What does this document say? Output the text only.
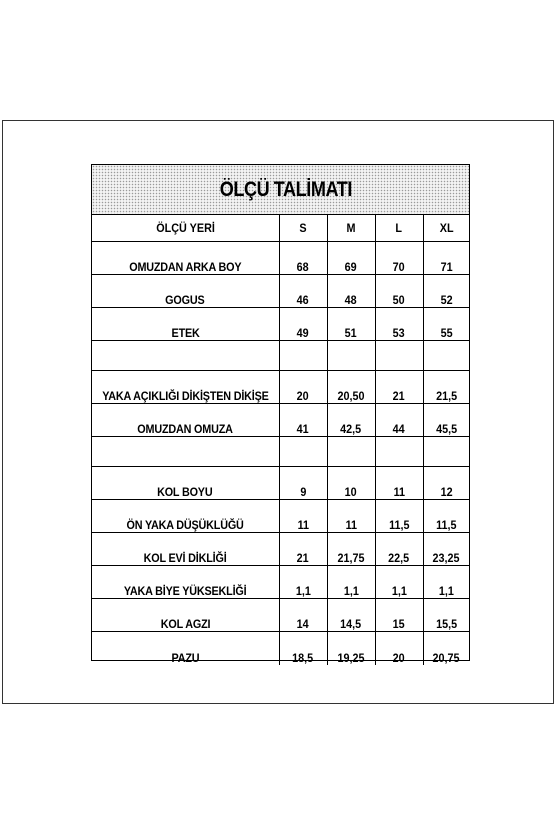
ÖLÇÜ TALİMATI
ÖLÇÜ YERİ	S	M	L	XL
OMUZDAN ARKA BOY	68	69	70	71
GOGUS	46	48	50	52
ETEK	49	51	53	55

YAKA AÇIKLIĞI DİKİŞTEN DİKİŞE	20	20,50	21	21,5
OMUZDAN OMUZA	41	42,5	44	45,5

KOL BOYU	9	10	11	12
ÖN YAKA DÜŞÜKLÜĞÜ	11	11	11,5	11,5
KOL EVİ DİKLİĞİ	21	21,75	22,5	23,25
YAKA BİYE YÜKSEKLİĞİ	1,1	1,1	1,1	1,1
KOL AGZI	14	14,5	15	15,5
PAZU	18,5	19,25	20	20,75
